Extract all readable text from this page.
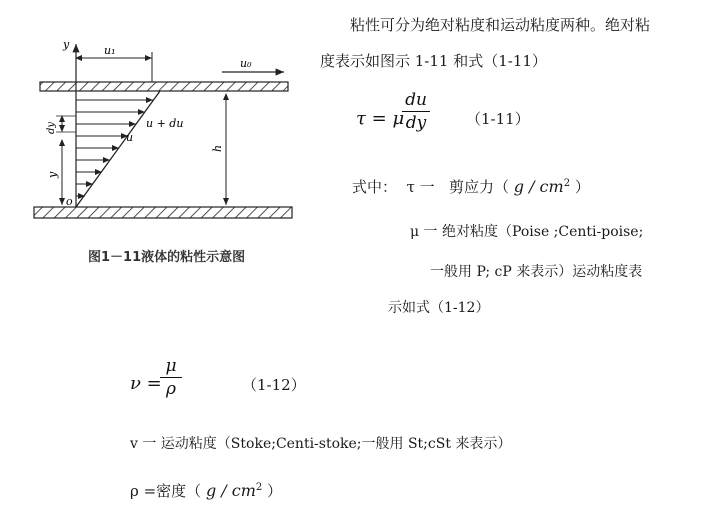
y	u₁
u₀
u + du
u
dy
y
h
o
图1－11液体的粘性示意图
粘性可分为绝对粘度和运动粘度两种。绝对粘
度表示如图示 1-11 和式（1-11）
τ = μ
du
dy	（1-11）
式中： τ 一 剪应力（ g / $cm^2$ ）
μ 一 绝对粘度（Poise ;Centi-poise;
一般用 P; cP 来表示）运动粘度表
示如式（1-12）
ν =
μ
ρ	（1-12）
v 一 运动粘度（Stoke;Centi-stoke;一般用 St;cSt 来表示）
ρ =密度（ g / $cm^2$ ）
